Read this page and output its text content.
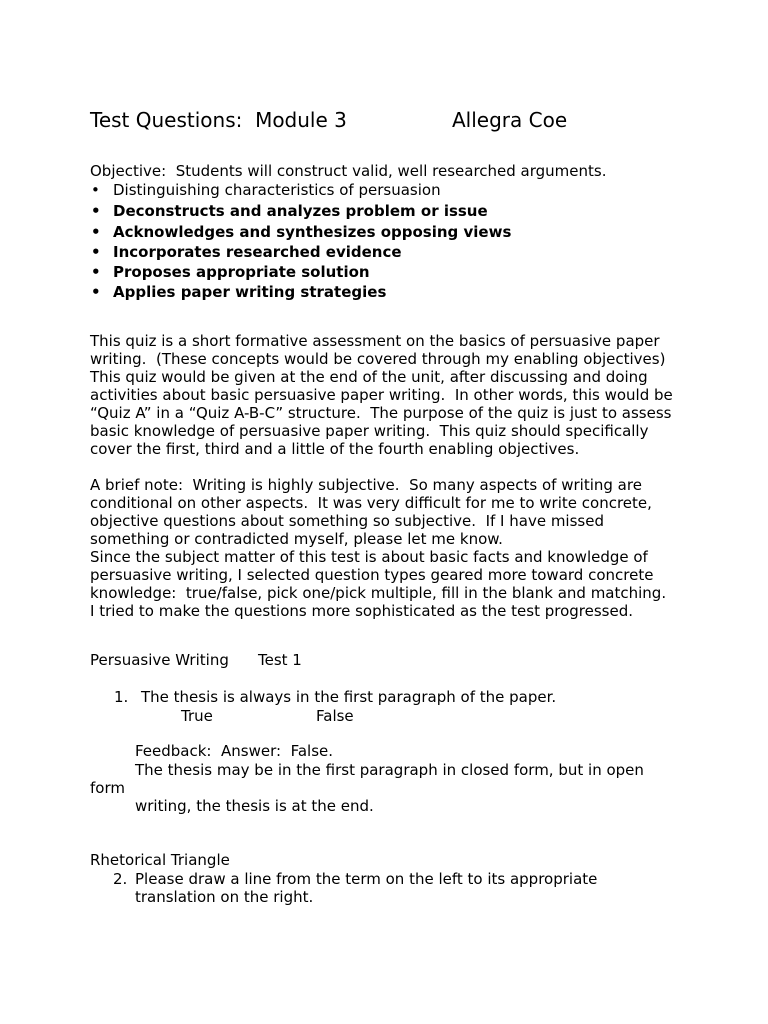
Test Questions:  Module 3	Allegra Coe
Objective:  Students will construct valid, well researched arguments.
• Distinguishing characteristics of persuasion
• Deconstructs and analyzes problem or issue
• Acknowledges and synthesizes opposing views
• Incorporates researched evidence
• Proposes appropriate solution
• Applies paper writing strategies
This quiz is a short formative assessment on the basics of persuasive paper
writing.  (These concepts would be covered through my enabling objectives)
This quiz would be given at the end of the unit, after discussing and doing
activities about basic persuasive paper writing.  In other words, this would be
“Quiz A” in a “Quiz A-B-C” structure.  The purpose of the quiz is just to assess
basic knowledge of persuasive paper writing.  This quiz should specifically
cover the first, third and a little of the fourth enabling objectives.
A brief note:  Writing is highly subjective.  So many aspects of writing are
conditional on other aspects.  It was very difficult for me to write concrete,
objective questions about something so subjective.  If I have missed
something or contradicted myself, please let me know.
Since the subject matter of this test is about basic facts and knowledge of
persuasive writing, I selected question types geared more toward concrete
knowledge:  true/false, pick one/pick multiple, fill in the blank and matching.
I tried to make the questions more sophisticated as the test progressed.
Persuasive Writing Test 1
1. The thesis is always in the first paragraph of the paper.
True	False
Feedback:  Answer:  False.
The thesis may be in the first paragraph in closed form, but in open
form
writing, the thesis is at the end.
Rhetorical Triangle
2. Please draw a line from the term on the left to its appropriate
translation on the right.
